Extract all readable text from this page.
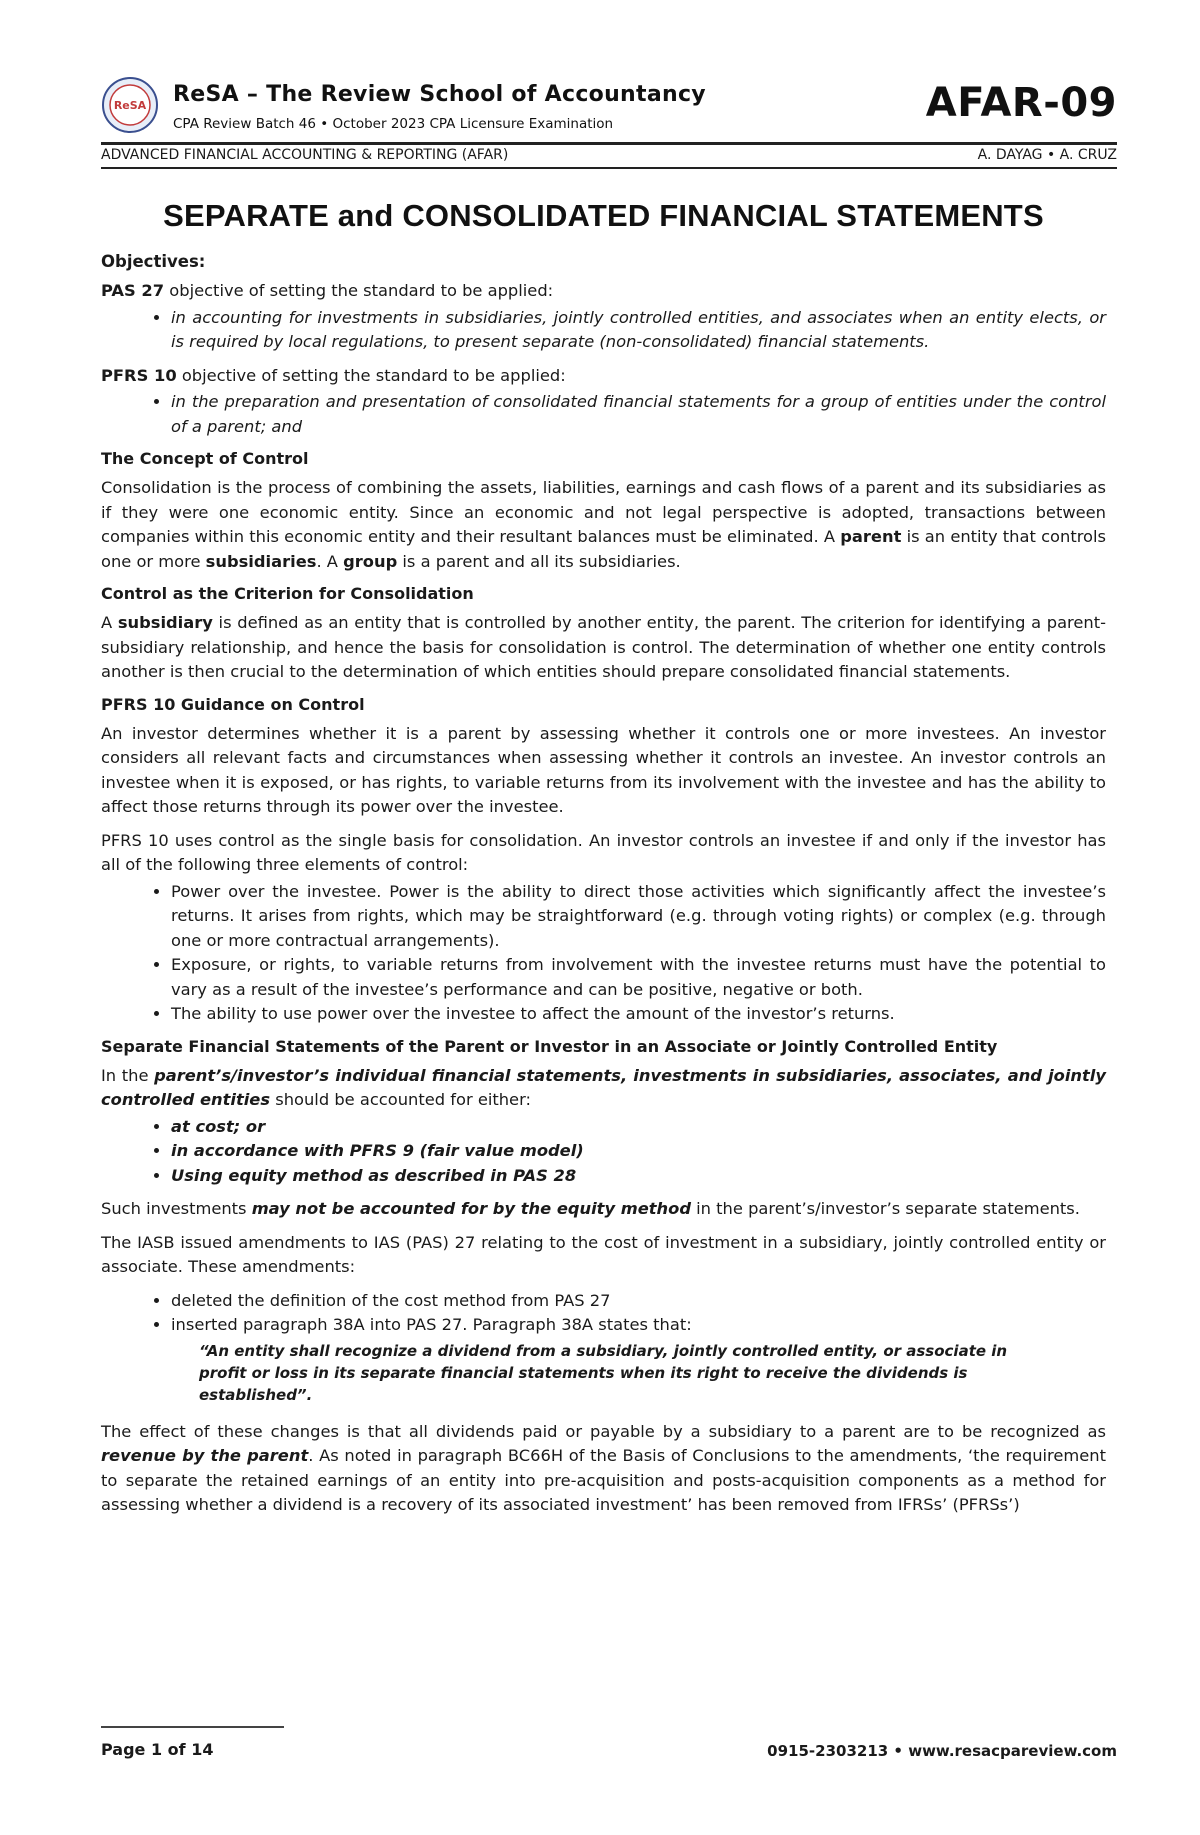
ReSA ReSA – The Review School of Accountancy
CPA Review Batch 46 • October 2023 CPA Licensure Examination	AFAR-09
ADVANCED FINANCIAL ACCOUNTING & REPORTING (AFAR)	A. DAYAG • A. CRUZ
SEPARATE and CONSOLIDATED FINANCIAL STATEMENTS
Objectives:

PAS 27 objective of setting the standard to be applied:

• in accounting for investments in subsidiaries, jointly controlled entities, and associates when an entity elects, or is required by local regulations, to present separate (non-consolidated) financial statements.

PFRS 10 objective of setting the standard to be applied:

• in the preparation and presentation of consolidated financial statements for a group of entities under the control of a parent; and
The Concept of Control

Consolidation is the process of combining the assets, liabilities, earnings and cash flows of a parent and its subsidiaries as if they were one economic entity. Since an economic and not legal perspective is adopted, transactions between companies within this economic entity and their resultant balances must be eliminated. A parent is an entity that controls one or more subsidiaries. A group is a parent and all its subsidiaries.

Control as the Criterion for Consolidation

A subsidiary is defined as an entity that is controlled by another entity, the parent. The criterion for identifying a parent-subsidiary relationship, and hence the basis for consolidation is control. The determination of whether one entity controls another is then crucial to the determination of which entities should prepare consolidated financial statements.

PFRS 10 Guidance on Control

An investor determines whether it is a parent by assessing whether it controls one or more investees. An investor considers all relevant facts and circumstances when assessing whether it controls an investee. An investor controls an investee when it is exposed, or has rights, to variable returns from its involvement with the investee and has the ability to affect those returns through its power over the investee.

PFRS 10 uses control as the single basis for consolidation. An investor controls an investee if and only if the investor has all of the following three elements of control:

• Power over the investee. Power is the ability to direct those activities which significantly affect the investee’s returns. It arises from rights, which may be straightforward (e.g. through voting rights) or complex (e.g. through one or more contractual arrangements).
• Exposure, or rights, to variable returns from involvement with the investee returns must have the potential to vary as a result of the investee’s performance and can be positive, negative or both.
• The ability to use power over the investee to affect the amount of the investor’s returns.
Separate Financial Statements of the Parent or Investor in an Associate or Jointly Controlled Entity

In the parent’s/investor’s individual financial statements, investments in subsidiaries, associates, and jointly controlled entities should be accounted for either:

• at cost; or
• in accordance with PFRS 9 (fair value model)
• Using equity method as described in PAS 28

Such investments may not be accounted for by the equity method in the parent’s/investor’s separate statements.

The IASB issued amendments to IAS (PAS) 27 relating to the cost of investment in a subsidiary, jointly controlled entity or associate. These amendments:

• deleted the definition of the cost method from PAS 27
• inserted paragraph 38A into PAS 27. Paragraph 38A states that:
“An entity shall recognize a dividend from a subsidiary, jointly controlled entity, or associate in profit or loss in its separate financial statements when its right to receive the dividends is established”.

The effect of these changes is that all dividends paid or payable by a subsidiary to a parent are to be recognized as revenue by the parent. As noted in paragraph BC66H of the Basis of Conclusions to the amendments, ‘the requirement to separate the retained earnings of an entity into pre-acquisition and posts-acquisition components as a method for assessing whether a dividend is a recovery of its associated investment’ has been removed from IFRSs’ (PFRSs’)

Page 1 of 14	0915-2303213 • www.resacpareview.com
